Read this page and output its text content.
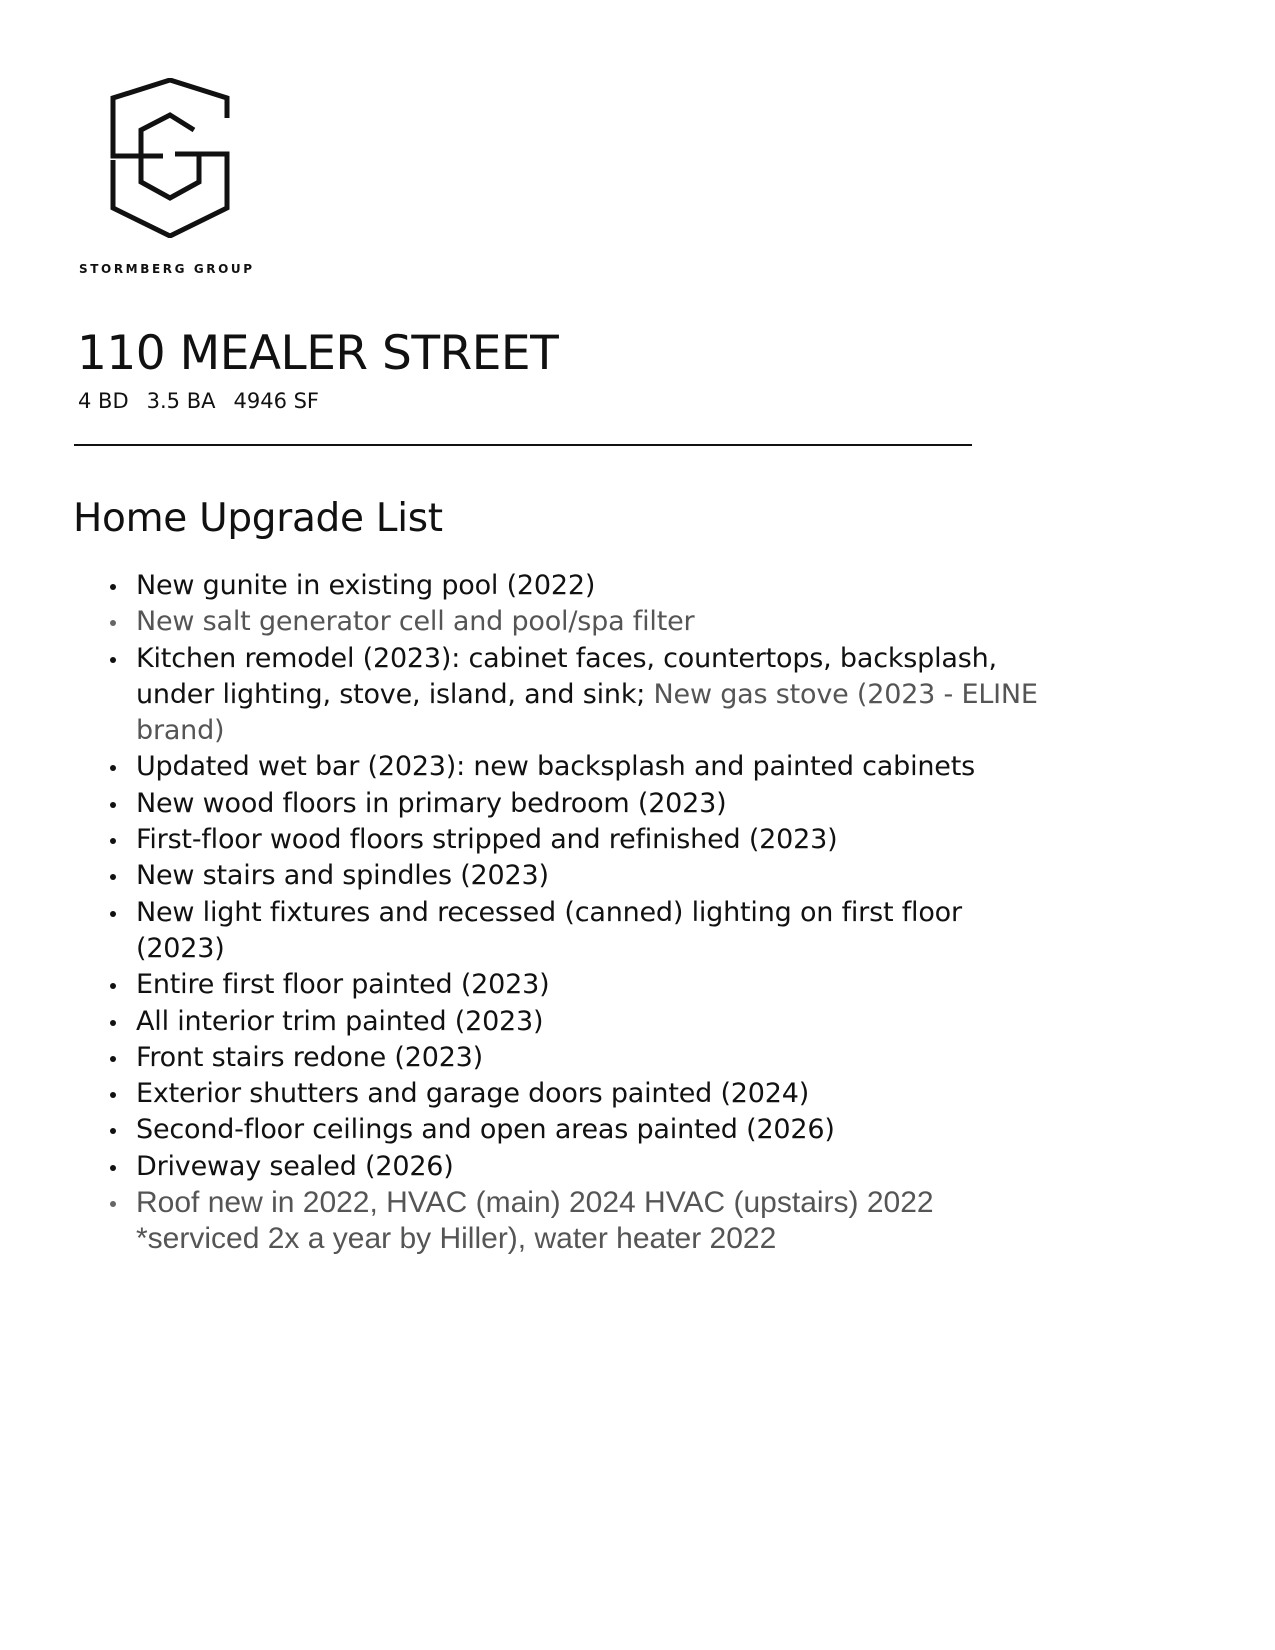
STORMBERG GROUP
110 MEALER STREET
4 BD 3.5 BA 4946 SF
Home Upgrade List
New gunite in existing pool (2022)
New salt generator cell and pool/spa filter
Kitchen remodel (2023): cabinet faces, countertops, backsplash, under lighting, stove, island, and sink; New gas stove (2023 - ELINE brand)
Updated wet bar (2023): new backsplash and painted cabinets
New wood floors in primary bedroom (2023)
First-floor wood floors stripped and refinished (2023)
New stairs and spindles (2023)
New light fixtures and recessed (canned) lighting on first floor (2023)
Entire first floor painted (2023)
All interior trim painted (2023)
Front stairs redone (2023)
Exterior shutters and garage doors painted (2024)
Second-floor ceilings and open areas painted (2026)
Driveway sealed (2026)
Roof new in 2022, HVAC (main) 2024 HVAC (upstairs) 2022 *serviced 2x a year by Hiller), water heater 2022
